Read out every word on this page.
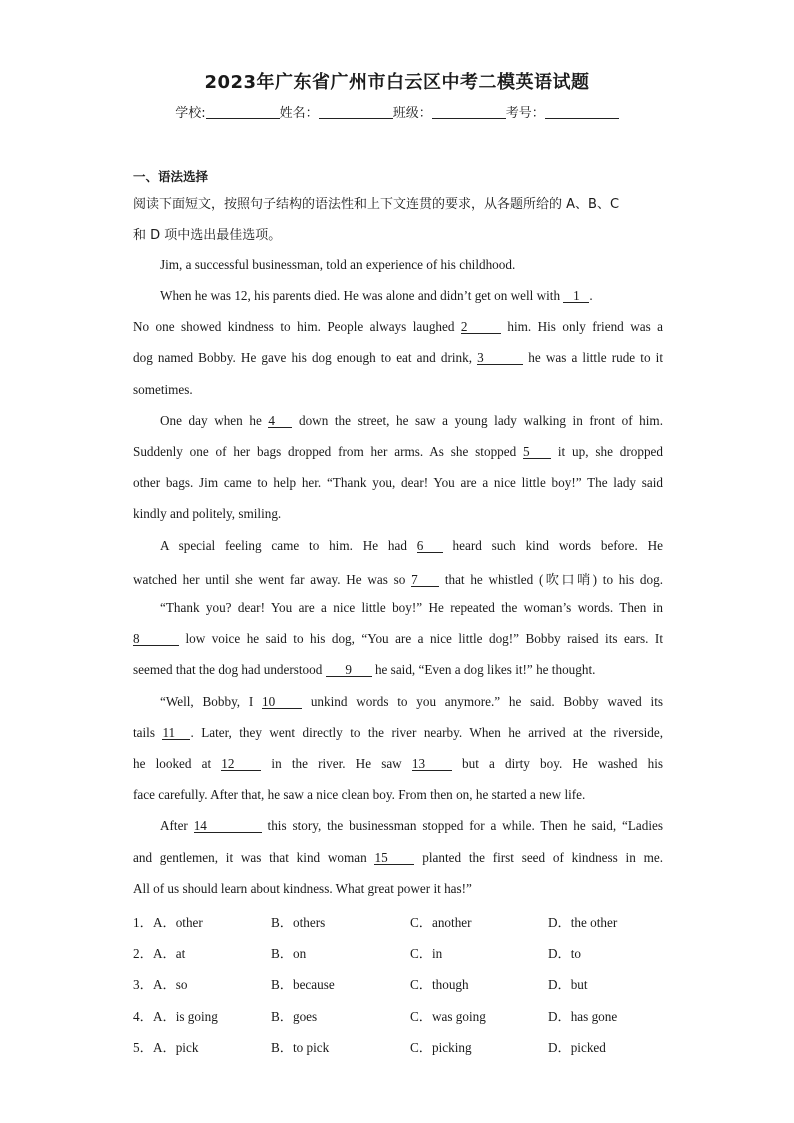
2023年广东省广州市白云区中考二模英语试题
学校:	姓名：	班级：	考号：
一、语法选择
阅读下面短文，按照句子结构的语法性和上下文连贯的要求，从各题所给的 A、B、C
和 D 项中选出最佳选项。
Jim, a successful businessman, told an experience of his childhood.
When he was 12, his parents died. He was alone and didn’t get on well with 1 .
No one showed kindness to him. People always laughed 2	him. His only friend was a
dog named Bobby. He gave his dog enough to eat and drink, 3	he was a little rude to it
sometimes.
One day when he 4 down the street, he saw a young lady walking in front of him.
Suddenly one of her bags dropped from her arms. As she stopped 5 it up, she dropped
other bags. Jim came to help her. “Thank you, dear! You are a nice little boy!” The lady said
kindly and politely, smiling.
A special feeling came to him. He had 6 heard such kind words before. He
watched her until she went far away. He was so 7 that he whistled (吹口哨) to his dog.
“Thank you? dear! You are a nice little boy!” He repeated the woman’s words. Then in
8	low voice he said to his dog, “You are a nice little dog!” Bobby raised its ears. It
seemed that the dog had understood 9 he said, “Even a dog likes it!” he thought.
“Well, Bobby, I 10 unkind words to you anymore.” he said. Bobby waved its
tails 11 . Later, they went directly to the river nearby. When he arrived at the riverside,
he looked at 12 in the river. He saw 13 but a dirty boy. He washed his
face carefully. After that, he saw a nice clean boy. From then on, he started a new life.
After 14	this story, the businessman stopped for a while. Then he said, “Ladies
and gentlemen, it was that kind woman 15 planted the first seed of kindness in me.
All of us should learn about kindness. What great power it has!”
1． A．other	B．others	C．another	D．the other
2． A．at	B．on	C．in	D．to
3． A．so	B．because	C．though	D．but
4． A．is going	B．goes	C．was going	D．has gone
5． A．pick	B．to pick	C．picking	D．picked
